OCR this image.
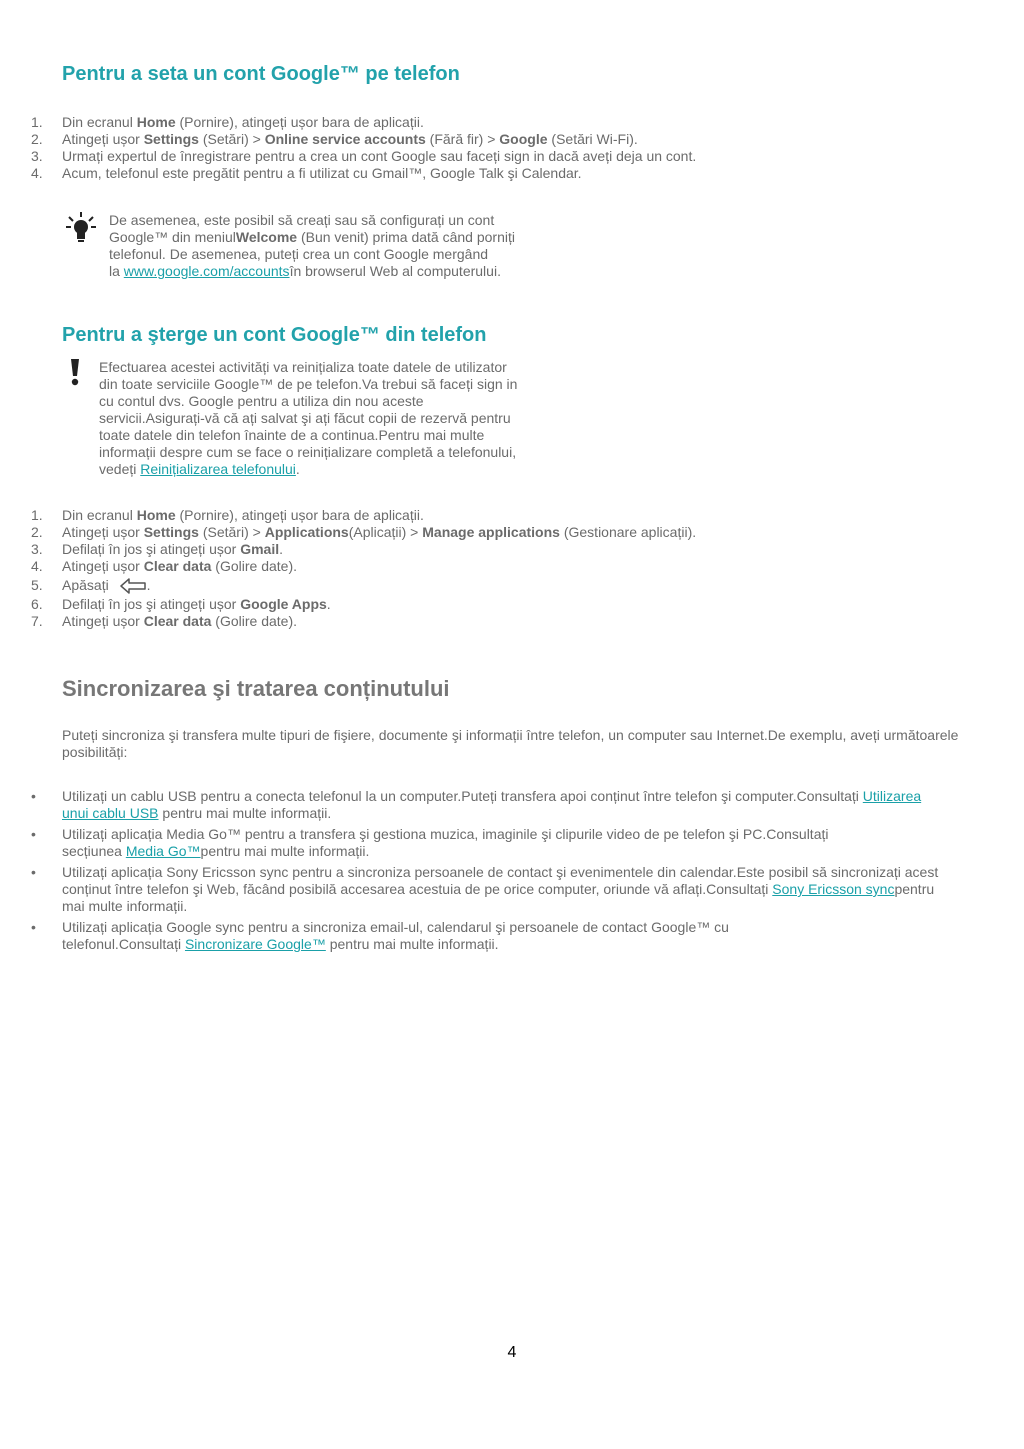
Pentru a seta un cont Google™ pe telefon
1.	Din ecranul Home (Pornire), atingeți ușor bara de aplicații.
2.	Atingeți ușor Settings (Setări) > Online service accounts (Fără fir) > Google (Setări Wi-Fi).
3.	Urmați expertul de înregistrare pentru a crea un cont Google sau faceți sign in dacă aveți deja un cont.
4.	Acum, telefonul este pregătit pentru a fi utilizat cu Gmail™, Google Talk şi Calendar.
De asemenea, este posibil să creați sau să configurați un cont
Google™ din meniulWelcome (Bun venit) prima dată când porniți
telefonul. De asemenea, puteți crea un cont Google mergând
la www.google.com/accountsîn browserul Web al computerului.
Pentru a şterge un cont Google™ din telefon
Efectuarea acestei activități va reinițializa toate datele de utilizator
din toate serviciile Google™ de pe telefon.Va trebui să faceți sign in
cu contul dvs. Google pentru a utiliza din nou aceste
servicii.Asigurați-vă că ați salvat şi ați făcut copii de rezervă pentru
toate datele din telefon înainte de a continua.Pentru mai multe
informații despre cum se face o reinițializare completă a telefonului,
vedeți Reinițializarea telefonului.
1.	Din ecranul Home (Pornire), atingeți ușor bara de aplicații.
2.	Atingeți ușor Settings (Setări) > Applications(Aplicații) > Manage applications (Gestionare aplicații).
3.	Defilați în jos şi atingeți ușor Gmail.
4.	Atingeți ușor Clear data (Golire date).
5.	Apăsați .
6.	Defilați în jos şi atingeți ușor Google Apps.
7.	Atingeți ușor Clear data (Golire date).
Sincronizarea şi tratarea conținutului

Puteți sincroniza şi transfera multe tipuri de fişiere, documente şi informații între telefon, un computer sau Internet.De exemplu, aveți următoarele posibilități:

• Utilizați un cablu USB pentru a conecta telefonul la un computer.Puteți transfera apoi conținut între telefon şi computer.Consultați Utilizarea unui cablu USB pentru mai multe informații.
• Utilizați aplicația Media Go™ pentru a transfera şi gestiona muzica, imaginile şi clipurile video de pe telefon şi PC.Consultați secțiunea Media Go™pentru mai multe informații.
• Utilizați aplicația Sony Ericsson sync pentru a sincroniza persoanele de contact şi evenimentele din calendar.Este posibil să sincronizați acest conținut între telefon şi Web, făcând posibilă accesarea acestuia de pe orice computer, oriunde vă aflați.Consultați Sony Ericsson syncpentru mai multe informații.
• Utilizați aplicația Google sync pentru a sincroniza email-ul, calendarul şi persoanele de contact Google™ cu telefonul.Consultați Sincronizare Google™ pentru mai multe informații.
4
